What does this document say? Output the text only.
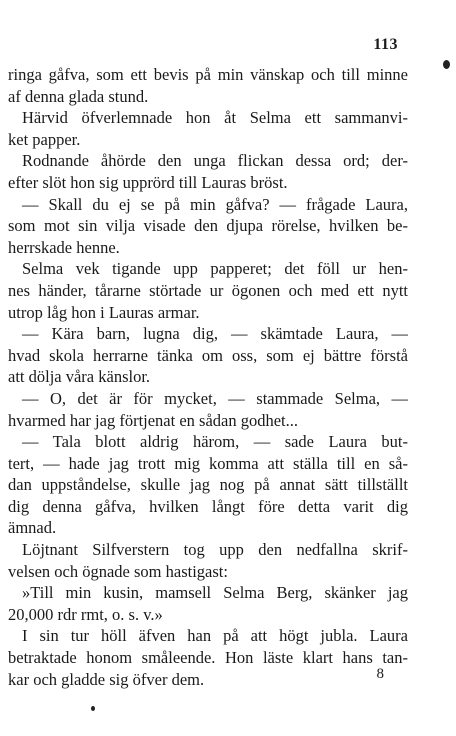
113
ringa gåfva, som ett bevis på min vänskap och till minne
af denna glada stund.
Härvid öfverlemnade hon åt Selma ett sammanvi-
ket papper.
Rodnande åhörde den unga flickan dessa ord; der-
efter slöt hon sig upprörd till Lauras bröst.
— Skall du ej se på min gåfva? — frågade Laura,
som mot sin vilja visade den djupa rörelse, hvilken be-
herrskade henne.
Selma vek tigande upp papperet; det föll ur hen-
nes händer, tårarne störtade ur ögonen och med ett nytt
utrop låg hon i Lauras armar.
— Kära barn, lugna dig, — skämtade Laura, —
hvad skola herrarne tänka om oss, som ej bättre förstå
att dölja våra känslor.
— O, det är för mycket, — stammade Selma, —
hvarmed har jag förtjenat en sådan godhet...
— Tala blott aldrig härom, — sade Laura but-
tert, — hade jag trott mig komma att ställa till en så-
dan uppståndelse, skulle jag nog på annat sätt tillställt
dig denna gåfva, hvilken långt före detta varit dig
ämnad.
Löjtnant Silfverstern tog upp den nedfallna skrif-
velsen och ögnade som hastigast:
»Till min kusin, mamsell Selma Berg, skänker jag
20,000 rdr rmt, o. s. v.»
I sin tur höll äfven han på att högt jubla. Laura
betraktade honom småleende. Hon läste klart hans tan-
kar och gladde sig öfver dem.	8
